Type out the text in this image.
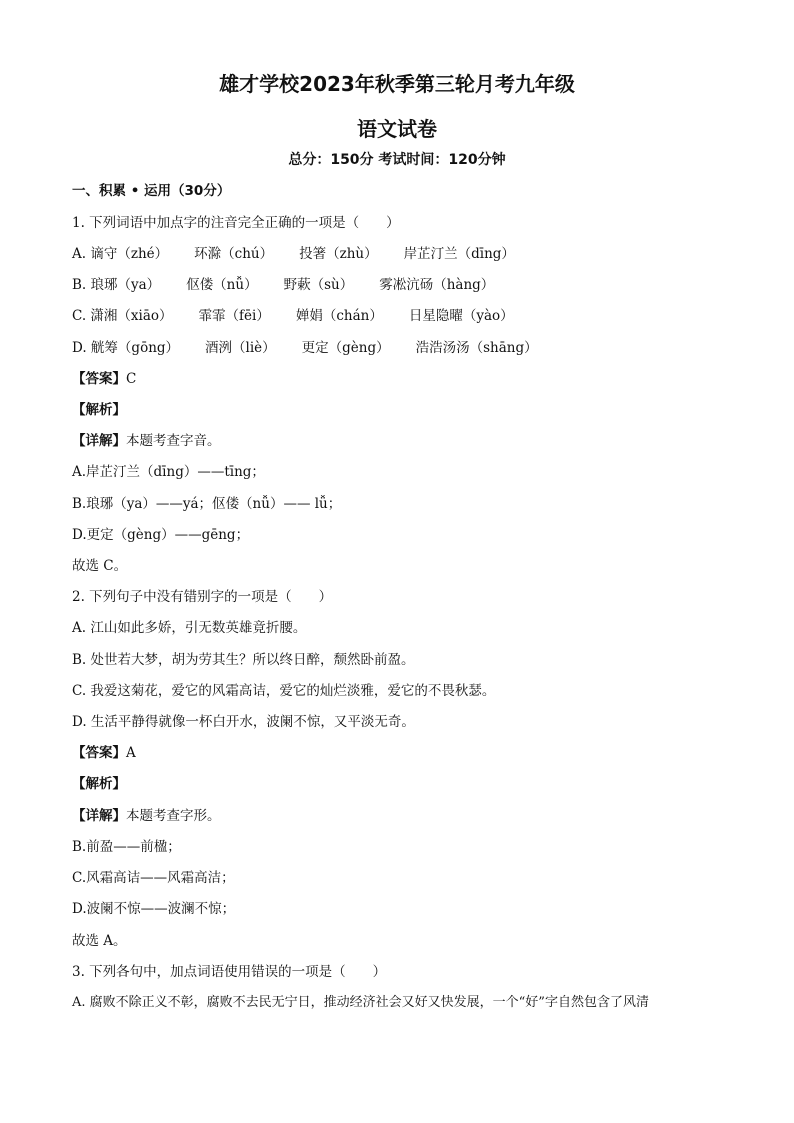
雄才学校2023年秋季第三轮月考九年级
语文试卷
总分：150分 考试时间：120分钟
一、积累 • 运用（30分）
1. 下列词语中加点字的注音完全正确的一项是（　　）
A. 谪守（zhé） 环滁（chú） 投箸（zhù） 岸芷汀兰（dīng）
B. 琅琊（ya） 伛偻（nǚ） 野蔌（sù） 雾凇沆砀（hàng）
C. 潇湘（xiāo） 霏霏（fēi） 婵娟（chán） 日星隐曜（yào）
D. 觥筹（gōng） 酒洌（liè） 更定（gèng） 浩浩汤汤（shāng）
【答案】C
【解析】
【详解】本题考查字音。
A.岸芷汀兰（dīng）——tīng；
B.琅琊（ya）——yá；伛偻（nǚ）—— lǚ；
D.更定（gèng）——gēng；
故选 C。
2. 下列句子中没有错别字的一项是（　　）
A. 江山如此多娇，引无数英雄竟折腰。
B. 处世若大梦，胡为劳其生？所以终日醉，颓然卧前盈。
C. 我爱这菊花，爱它的风霜高诘，爱它的灿烂淡雅，爱它的不畏秋瑟。
D. 生活平静得就像一杯白开水，波阑不惊，又平淡无奇。
【答案】A
【解析】
【详解】本题考查字形。
B.前盈——前楹；
C.风霜高诘——风霜高洁；
D.波阑不惊——波澜不惊；
故选 A。
3. 下列各句中，加点词语使用错误的一项是（　　）
A. 腐败不除正义不彰，腐败不去民无宁日，推动经济社会又好又快发展，一个“好”字自然包含了风清
